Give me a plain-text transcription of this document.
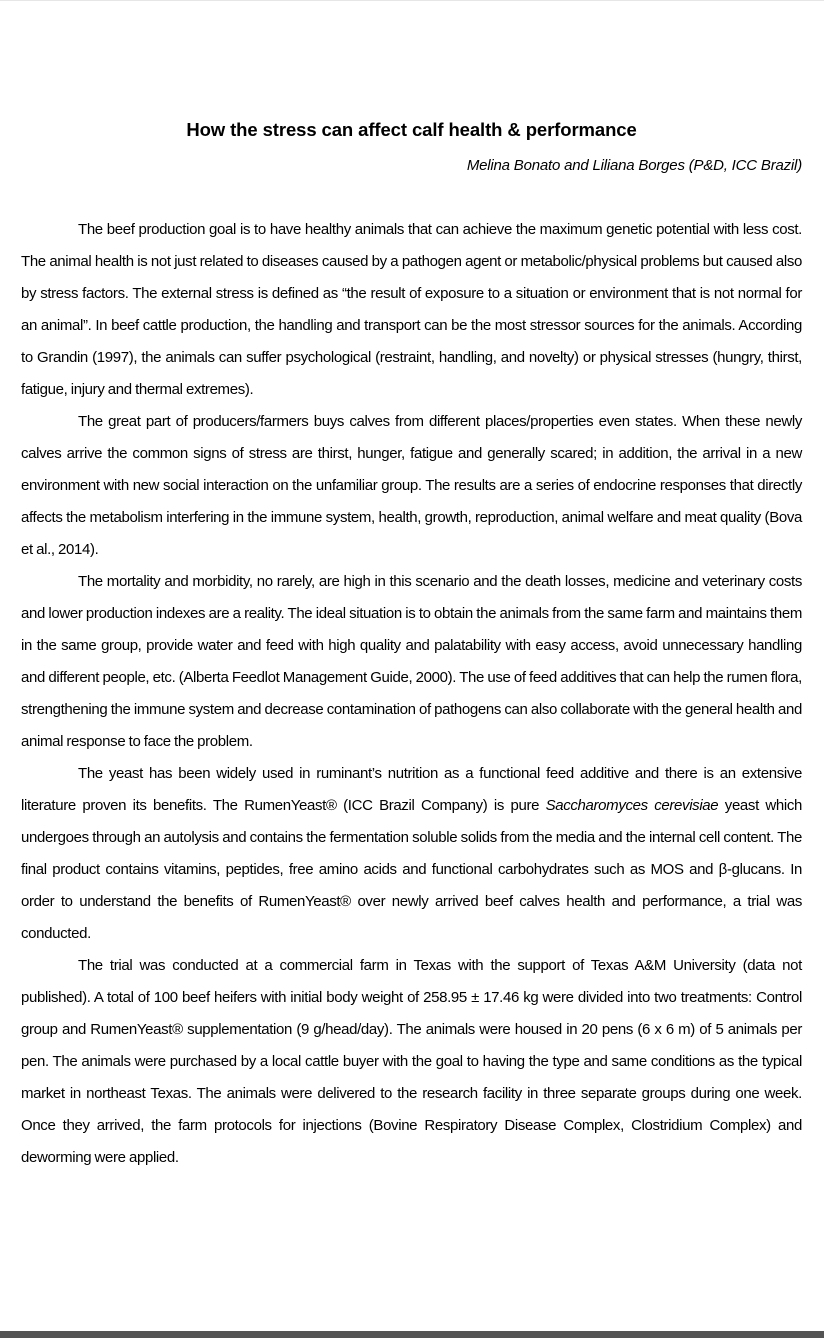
How the stress can affect calf health & performance
Melina Bonato and Liliana Borges (P&D, ICC Brazil)

The beef production goal is to have healthy animals that can achieve the maximum genetic potential with less cost. The animal health is not just related to diseases caused by a pathogen agent or metabolic/physical problems but caused also by stress factors. The external stress is defined as “the result of exposure to a situation or environment that is not normal for an animal”. In beef cattle production, the handling and transport can be the most stressor sources for the animals. According to Grandin (1997), the animals can suffer psychological (restraint, handling, and novelty) or physical stresses (hungry, thirst, fatigue, injury and thermal extremes).

The great part of producers/farmers buys calves from different places/properties even states. When these newly calves arrive the common signs of stress are thirst, hunger, fatigue and generally scared; in addition, the arrival in a new environment with new social interaction on the unfamiliar group. The results are a series of endocrine responses that directly affects the metabolism interfering in the immune system, health, growth, reproduction, animal welfare and meat quality (Bova et al., 2014).

The mortality and morbidity, no rarely, are high in this scenario and the death losses, medicine and veterinary costs and lower production indexes are a reality. The ideal situation is to obtain the animals from the same farm and maintains them in the same group, provide water and feed with high quality and palatability with easy access, avoid unnecessary handling and different people, etc. (Alberta Feedlot Management Guide, 2000). The use of feed additives that can help the rumen flora, strengthening the immune system and decrease contamination of pathogens can also collaborate with the general health and animal response to face the problem.

The yeast has been widely used in ruminant’s nutrition as a functional feed additive and there is an extensive literature proven its benefits. The RumenYeast® (ICC Brazil Company) is pure Saccharomyces cerevisiae yeast which undergoes through an autolysis and contains the fermentation soluble solids from the media and the internal cell content. The final product contains vitamins, peptides, free amino acids and functional carbohydrates such as MOS and β-glucans. In order to understand the benefits of RumenYeast® over newly arrived beef calves health and performance, a trial was conducted.

The trial was conducted at a commercial farm in Texas with the support of Texas A&M University (data not published). A total of 100 beef heifers with initial body weight of 258.95 ± 17.46 kg were divided into two treatments: Control group and RumenYeast® supplementation (9 g/head/day). The animals were housed in 20 pens (6 x 6 m) of 5 animals per pen. The animals were purchased by a local cattle buyer with the goal to having the type and same conditions as the typical market in northeast Texas. The animals were delivered to the research facility in three separate groups during one week. Once they arrived, the farm protocols for injections (Bovine Respiratory Disease Complex, Clostridium Complex) and deworming were applied.
